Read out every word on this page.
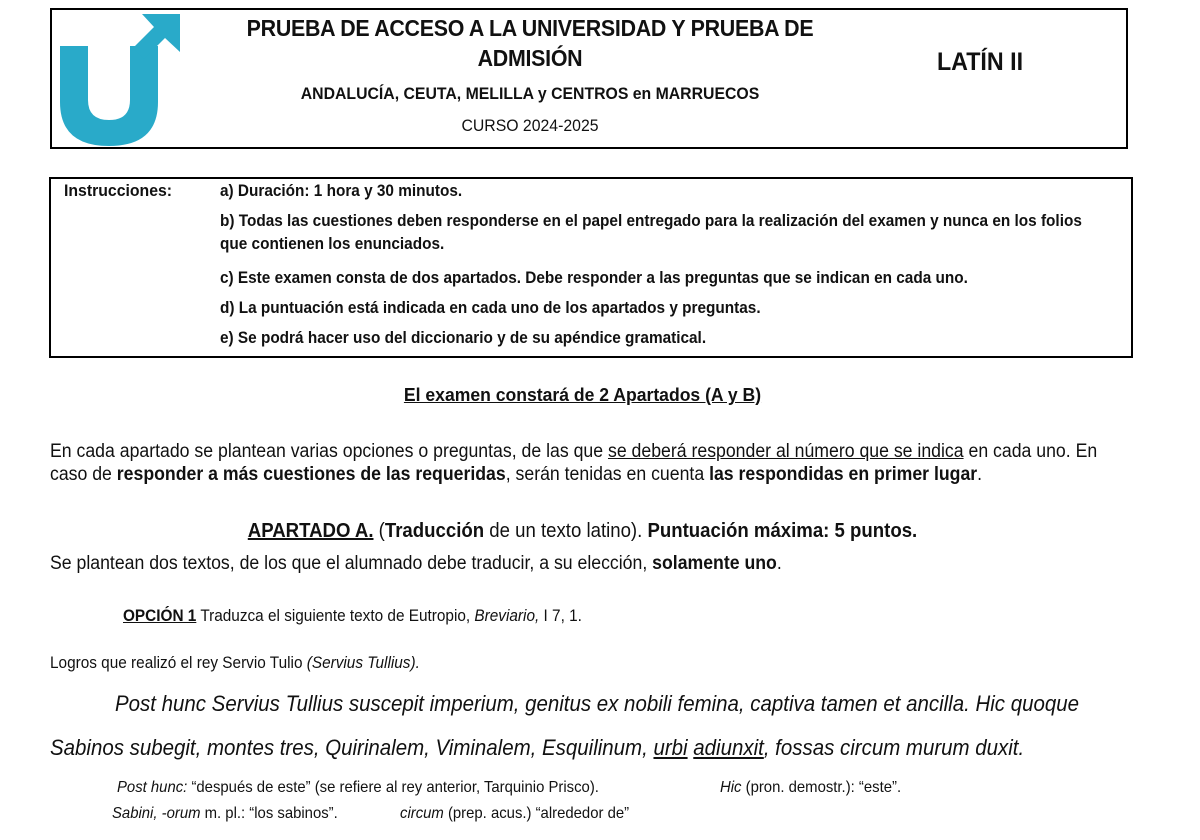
PRUEBA DE ACCESO A LA UNIVERSIDAD Y PRUEBA DE
ADMISIÓN
ANDALUCÍA, CEUTA, MELILLA y CENTROS en MARRUECOS
CURSO 2024-2025
LATÍN II
Instrucciones:	a) Duración: 1 hora y 30 minutos.
b) Todas las cuestiones deben responderse en el papel entregado para la realización del examen y nunca en los folios que contienen los enunciados.
c) Este examen consta de dos apartados. Debe responder a las preguntas que se indican en cada uno.
d) La puntuación está indicada en cada uno de los apartados y preguntas.
e) Se podrá hacer uso del diccionario y de su apéndice gramatical.
El examen constará de 2 Apartados (A y B)
En cada apartado se plantean varias opciones o preguntas, de las que se deberá responder al número que se indica en cada uno. En caso de responder a más cuestiones de las requeridas, serán tenidas en cuenta las respondidas en primer lugar.
APARTADO A. (Traducción de un texto latino). Puntuación máxima: 5 puntos.
Se plantean dos textos, de los que el alumnado debe traducir, a su elección, solamente uno.
OPCIÓN 1 Traduzca el siguiente texto de Eutropio, Breviario, I 7, 1.
Logros que realizó el rey Servio Tulio (Servius Tullius).
Post hunc Servius Tullius suscepit imperium, genitus ex nobili femina, captiva tamen et ancilla. Hic quoque
Sabinos subegit, montes tres, Quirinalem, Viminalem, Esquilinum, urbi adiunxit, fossas circum murum duxit.
Post hunc: “después de este” (se refiere al rey anterior, Tarquinio Prisco).	Hic (pron. demostr.): “este”.
Sabini, -orum m. pl.: “los sabinos”.	circum (prep. acus.) “alrededor de”
